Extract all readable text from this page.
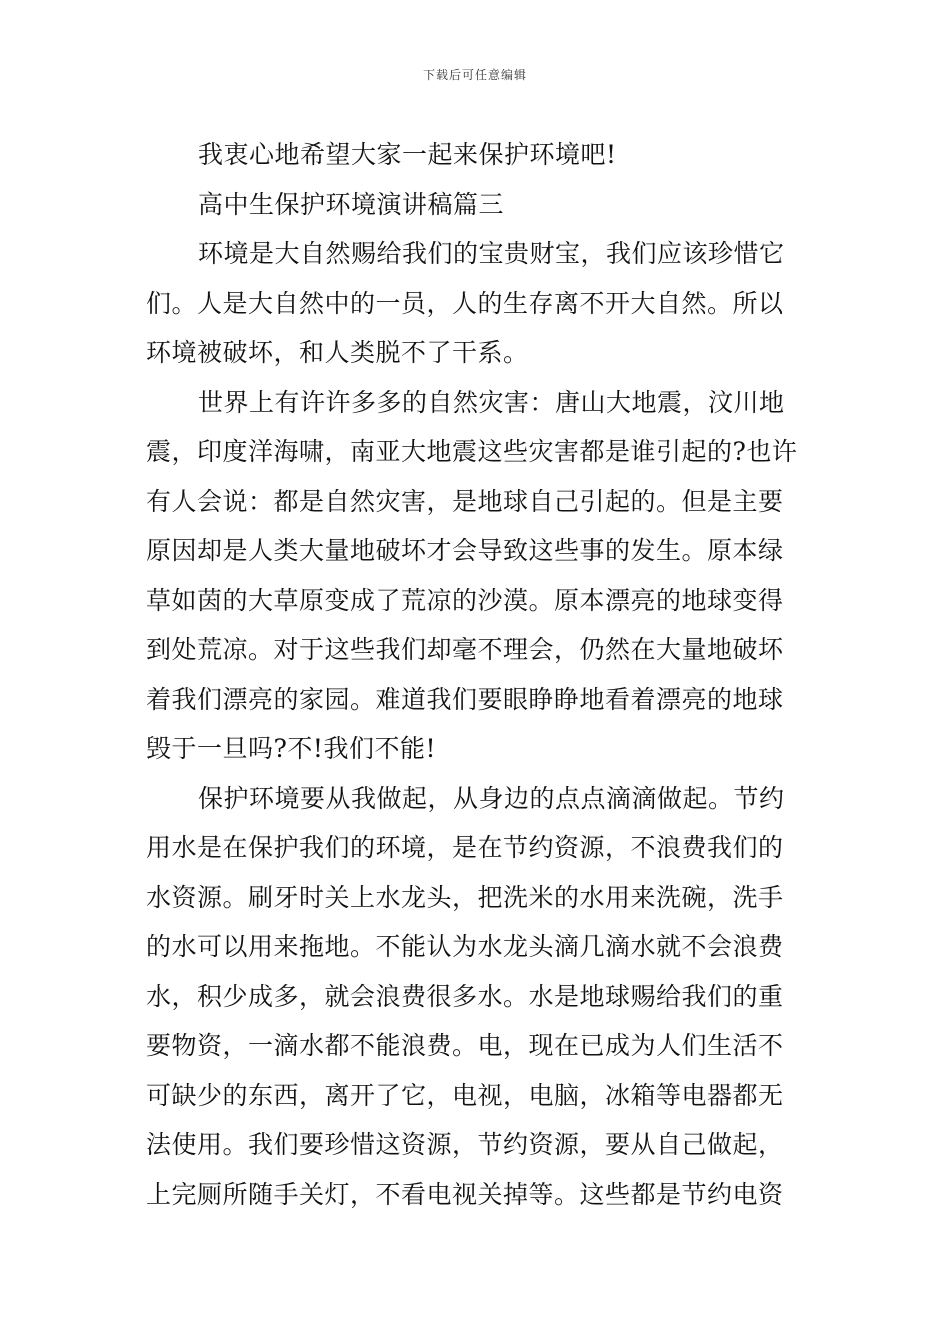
下载后可任意编辑
我衷心地希望大家一起来保护环境吧!
高中生保护环境演讲稿篇三
环境是大自然赐给我们的宝贵财宝，我们应该珍惜它
们。人是大自然中的一员，人的生存离不开大自然。所以
环境被破坏，和人类脱不了干系。
世界上有许许多多的自然灾害：唐山大地震，汶川地
震，印度洋海啸，南亚大地震这些灾害都是谁引起的?也许
有人会说：都是自然灾害，是地球自己引起的。但是主要
原因却是人类大量地破坏才会导致这些事的发生。原本绿
草如茵的大草原变成了荒凉的沙漠。原本漂亮的地球变得
到处荒凉。对于这些我们却毫不理会，仍然在大量地破坏
着我们漂亮的家园。难道我们要眼睁睁地看着漂亮的地球
毁于一旦吗?不!我们不能!
保护环境要从我做起，从身边的点点滴滴做起。节约
用水是在保护我们的环境，是在节约资源，不浪费我们的
水资源。刷牙时关上水龙头，把洗米的水用来洗碗，洗手
的水可以用来拖地。不能认为水龙头滴几滴水就不会浪费
水，积少成多，就会浪费很多水。水是地球赐给我们的重
要物资，一滴水都不能浪费。电，现在已成为人们生活不
可缺少的东西，离开了它，电视，电脑，冰箱等电器都无
法使用。我们要珍惜这资源，节约资源，要从自己做起，
上完厕所随手关灯，不看电视关掉等。这些都是节约电资
